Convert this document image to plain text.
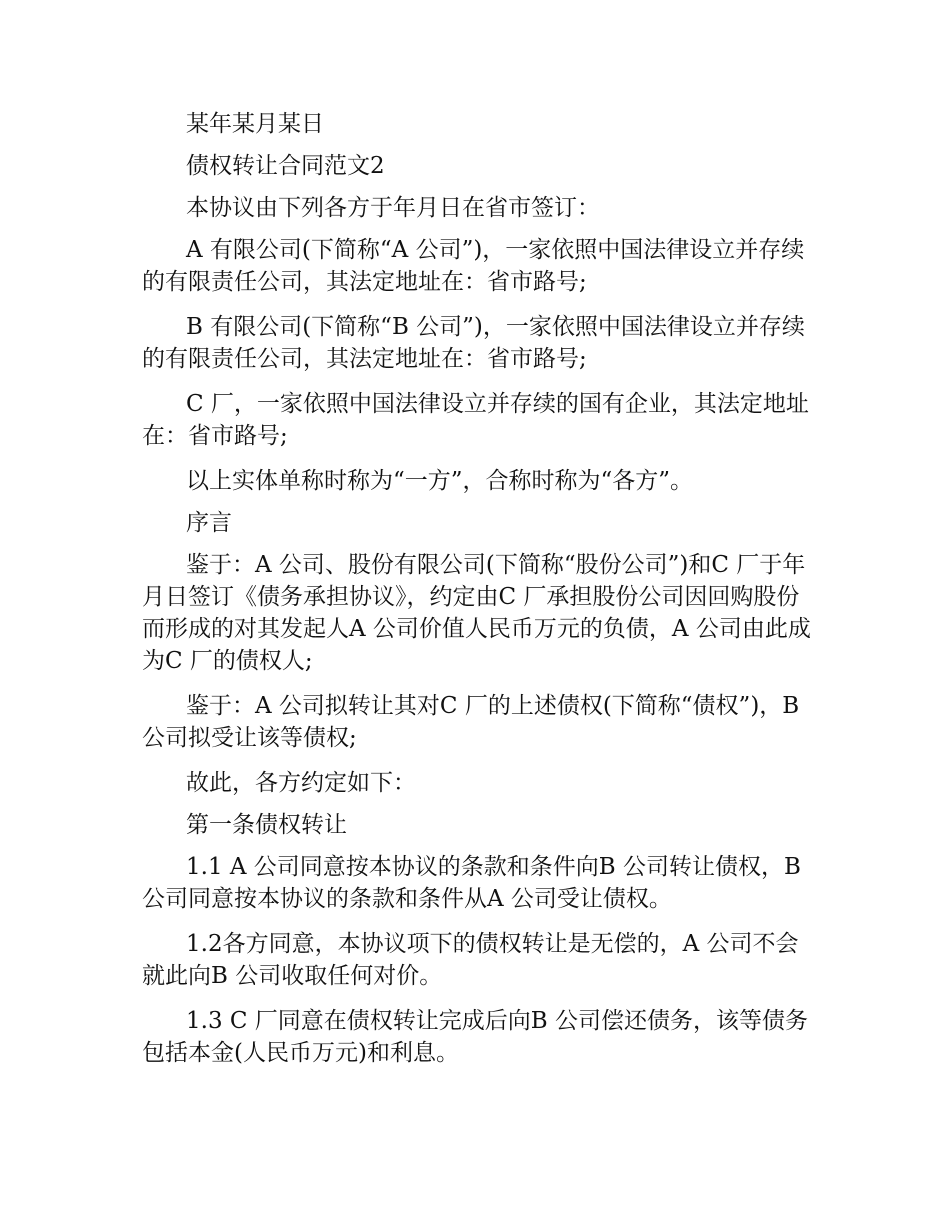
某年某月某日

债权转让合同范文2

本协议由下列各方于年月日在省市签订：

A 有限公司(下简称“A 公司”)，一家依照中国法律设立并存续的有限责任公司，其法定地址在：省市路号;

B 有限公司(下简称“B 公司”)，一家依照中国法律设立并存续的有限责任公司，其法定地址在：省市路号;

C 厂，一家依照中国法律设立并存续的国有企业，其法定地址在：省市路号;

以上实体单称时称为“一方”，合称时称为“各方”。

序言

鉴于：A 公司、股份有限公司(下简称“股份公司”)和C 厂于年月日签订《债务承担协议》，约定由C 厂承担股份公司因回购股份而形成的对其发起人A 公司价值人民币万元的负债，A 公司由此成为C 厂的债权人;

鉴于：A 公司拟转让其对C 厂的上述债权(下简称“债权”)，B 公司拟受让该等债权;

故此，各方约定如下：

第一条债权转让

1.1 A 公司同意按本协议的条款和条件向B 公司转让债权，B 公司同意按本协议的条款和条件从A 公司受让债权。

1.2各方同意，本协议项下的债权转让是无偿的，A 公司不会就此向B 公司收取任何对价。

1.3 C 厂同意在债权转让完成后向B 公司偿还债务，该等债务包括本金(人民币万元)和利息。
